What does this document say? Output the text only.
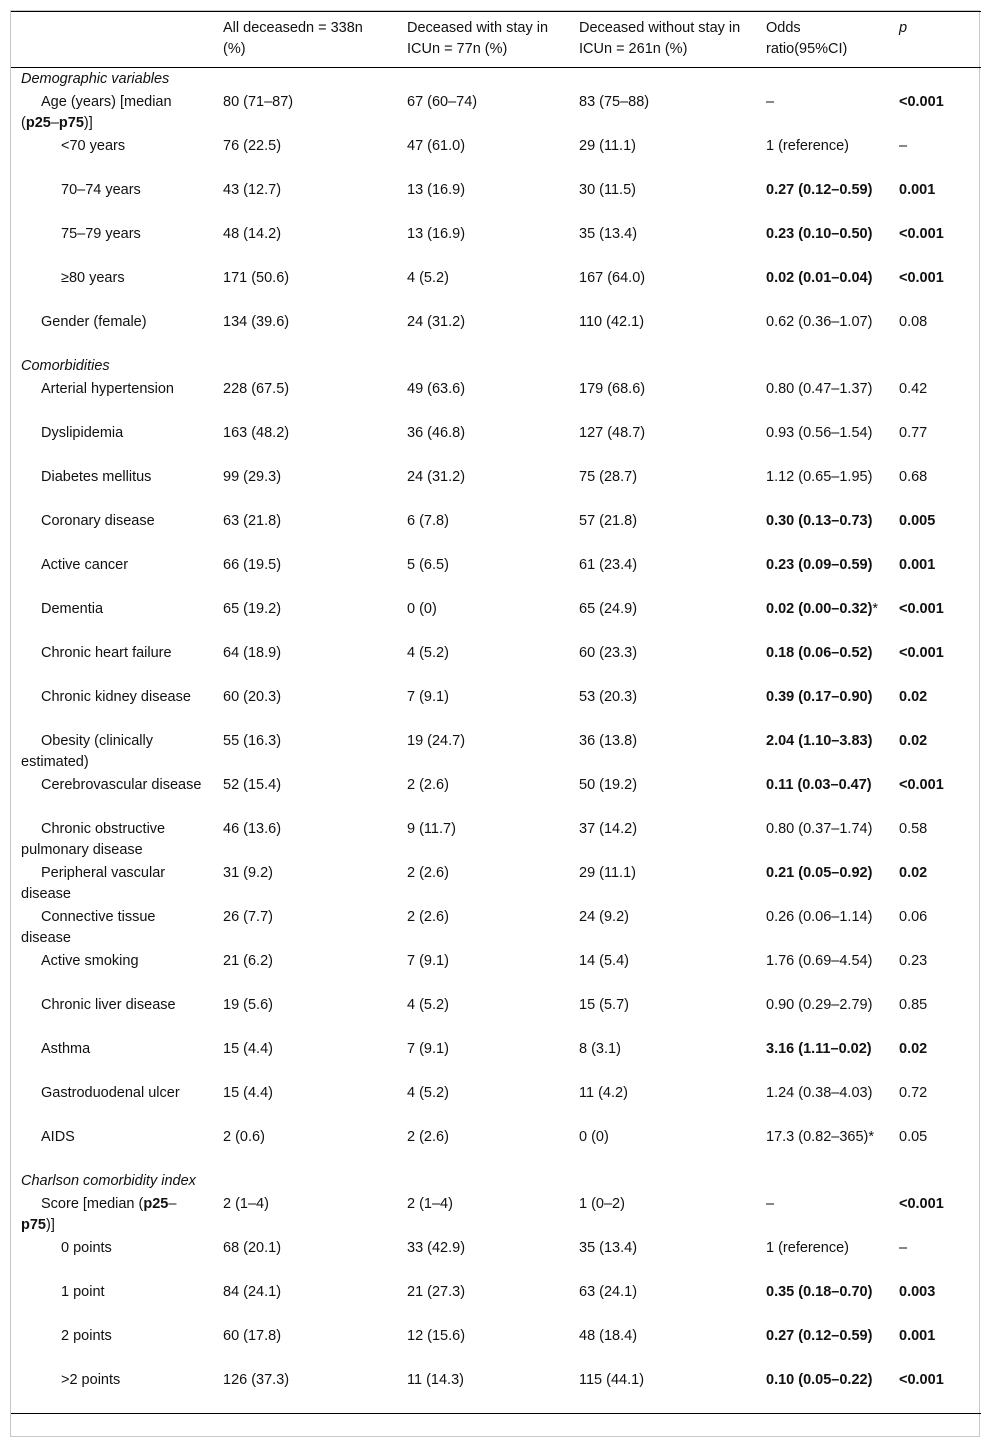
	All deceasedn = 338n (%)	Deceased with stay in ICUn = 77n (%)	Deceased without stay in ICUn = 261n (%)	Odds ratio(95%CI)	p
Demographic variables					
Age (years) [median (p25–p75)]	80 (71–87)	67 (60–74)	83 (75–88)	–	<0.001
<70 years	76 (22.5)	47 (61.0)	29 (11.1)	1 (reference)	–
70–74 years	43 (12.7)	13 (16.9)	30 (11.5)	0.27 (0.12–0.59)	0.001
75–79 years	48 (14.2)	13 (16.9)	35 (13.4)	0.23 (0.10–0.50)	<0.001
≥80 years	171 (50.6)	4 (5.2)	167 (64.0)	0.02 (0.01–0.04)	<0.001
Gender (female)	134 (39.6)	24 (31.2)	110 (42.1)	0.62 (0.36–1.07)	0.08
Comorbidities					
Arterial hypertension	228 (67.5)	49 (63.6)	179 (68.6)	0.80 (0.47–1.37)	0.42
Dyslipidemia	163 (48.2)	36 (46.8)	127 (48.7)	0.93 (0.56–1.54)	0.77
Diabetes mellitus	99 (29.3)	24 (31.2)	75 (28.7)	1.12 (0.65–1.95)	0.68
Coronary disease	63 (21.8)	6 (7.8)	57 (21.8)	0.30 (0.13–0.73)	0.005
Active cancer	66 (19.5)	5 (6.5)	61 (23.4)	0.23 (0.09–0.59)	0.001
Dementia	65 (19.2)	0 (0)	65 (24.9)	0.02 (0.00–0.32)*	<0.001
Chronic heart failure	64 (18.9)	4 (5.2)	60 (23.3)	0.18 (0.06–0.52)	<0.001
Chronic kidney disease	60 (20.3)	7 (9.1)	53 (20.3)	0.39 (0.17–0.90)	0.02
Obesity (clinically estimated)	55 (16.3)	19 (24.7)	36 (13.8)	2.04 (1.10–3.83)	0.02
Cerebrovascular disease	52 (15.4)	2 (2.6)	50 (19.2)	0.11 (0.03–0.47)	<0.001
Chronic obstructive pulmonary disease	46 (13.6)	9 (11.7)	37 (14.2)	0.80 (0.37–1.74)	0.58
Peripheral vascular disease	31 (9.2)	2 (2.6)	29 (11.1)	0.21 (0.05–0.92)	0.02
Connective tissue disease	26 (7.7)	2 (2.6)	24 (9.2)	0.26 (0.06–1.14)	0.06
Active smoking	21 (6.2)	7 (9.1)	14 (5.4)	1.76 (0.69–4.54)	0.23
Chronic liver disease	19 (5.6)	4 (5.2)	15 (5.7)	0.90 (0.29–2.79)	0.85
Asthma	15 (4.4)	7 (9.1)	8 (3.1)	3.16 (1.11–0.02)	0.02
Gastroduodenal ulcer	15 (4.4)	4 (5.2)	11 (4.2)	1.24 (0.38–4.03)	0.72
AIDS	2 (0.6)	2 (2.6)	0 (0)	17.3 (0.82–365)*	0.05
Charlson comorbidity index					
Score [median (p25–p75)]	2 (1–4)	2 (1–4)	1 (0–2)	–	<0.001
0 points	68 (20.1)	33 (42.9)	35 (13.4)	1 (reference)	–
1 point	84 (24.1)	21 (27.3)	63 (24.1)	0.35 (0.18–0.70)	0.003
2 points	60 (17.8)	12 (15.6)	48 (18.4)	0.27 (0.12–0.59)	0.001
>2 points	126 (37.3)	11 (14.3)	115 (44.1)	0.10 (0.05–0.22)	<0.001
